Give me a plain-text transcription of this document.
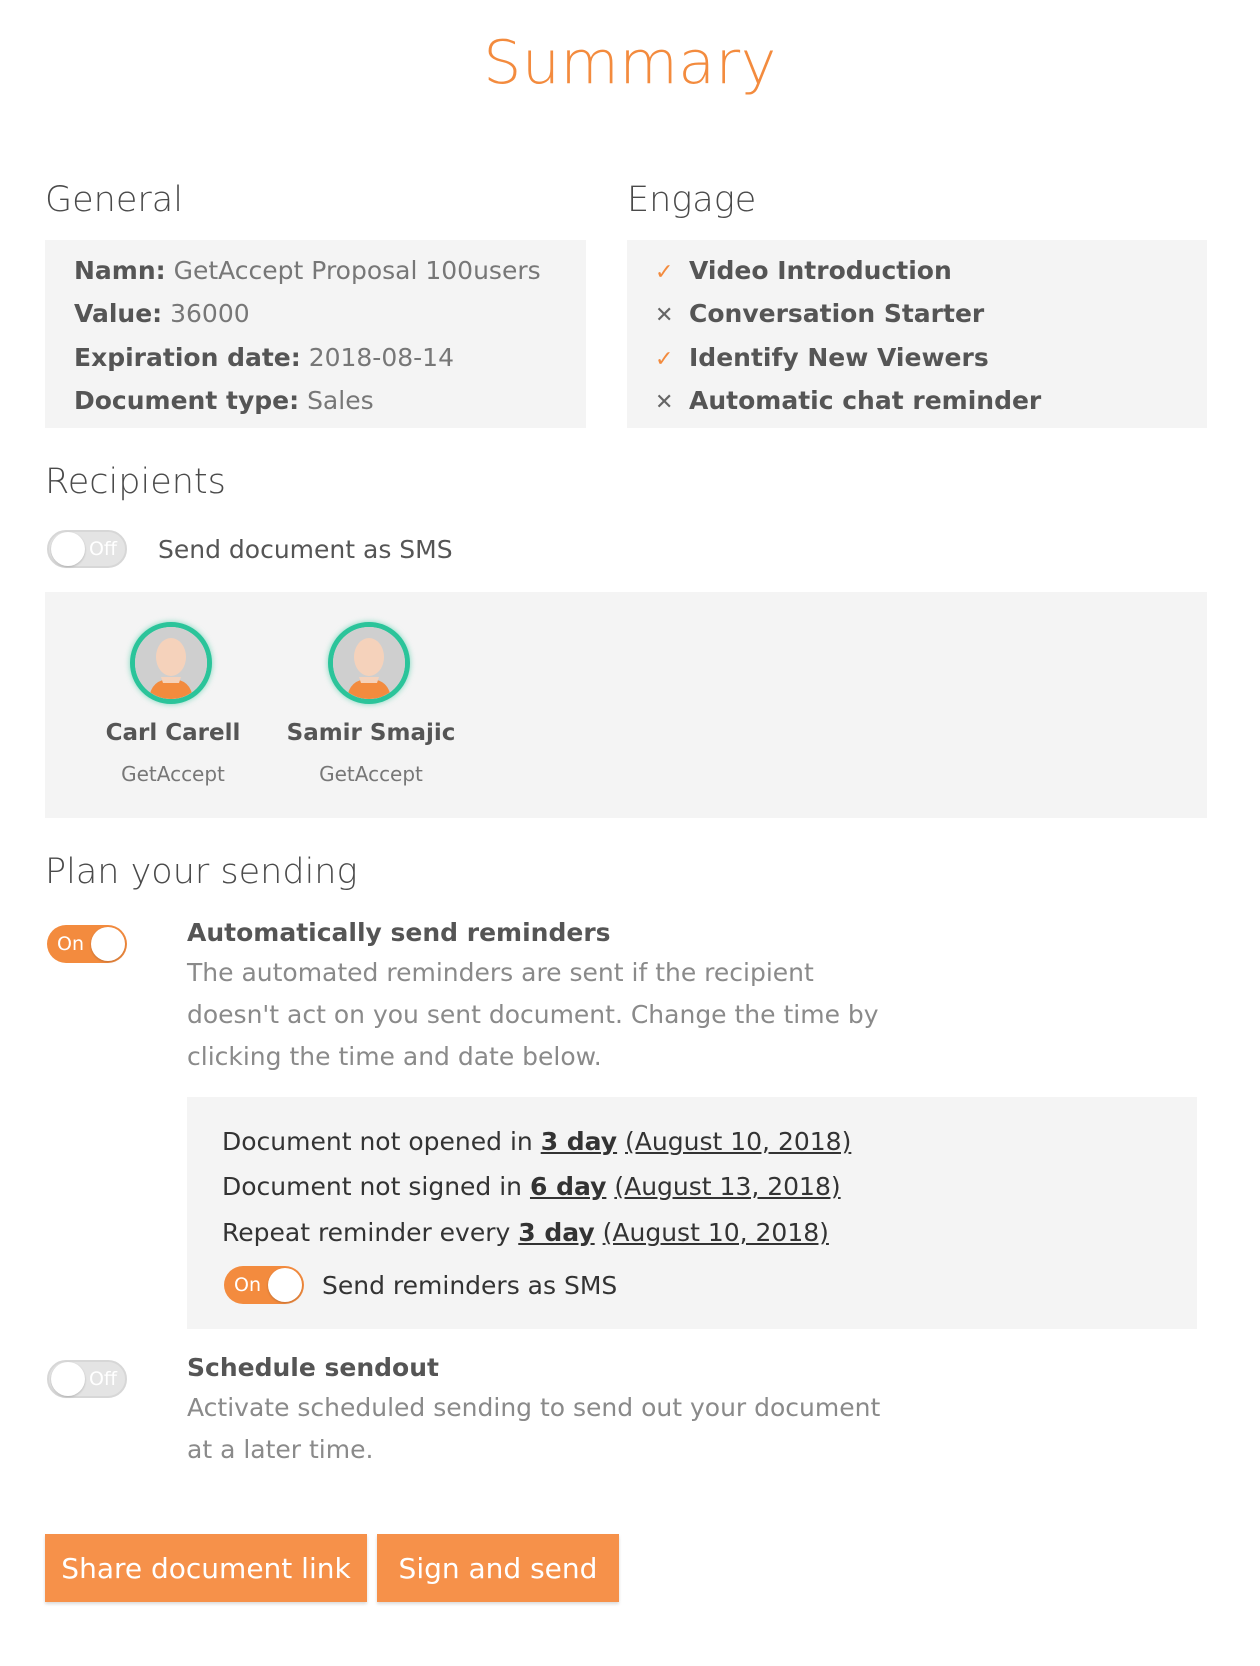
Summary
General
Namn: GetAccept Proposal 100users
Value: 36000
Expiration date: 2018-08-14
Document type: Sales
Engage
✓ Video Introduction
✕ Conversation Starter
✓ Identify New Viewers
✕ Automatic chat reminder
Recipients
Off Send document as SMS
Carl Carell
GetAccept
Samir Smajic
GetAccept
Plan your sending
On	Automatically send reminders
The automated reminders are sent if the recipient doesn't act on you sent document. Change the time by clicking the time and date below.
Document not opened in 3 day (August 10, 2018)
Document not signed in 6 day (August 13, 2018)
Repeat reminder every 3 day (August 10, 2018)
On Send reminders as SMS
Off	Schedule sendout
Activate scheduled sending to send out your document at a later time.
Share document link	Sign and send
